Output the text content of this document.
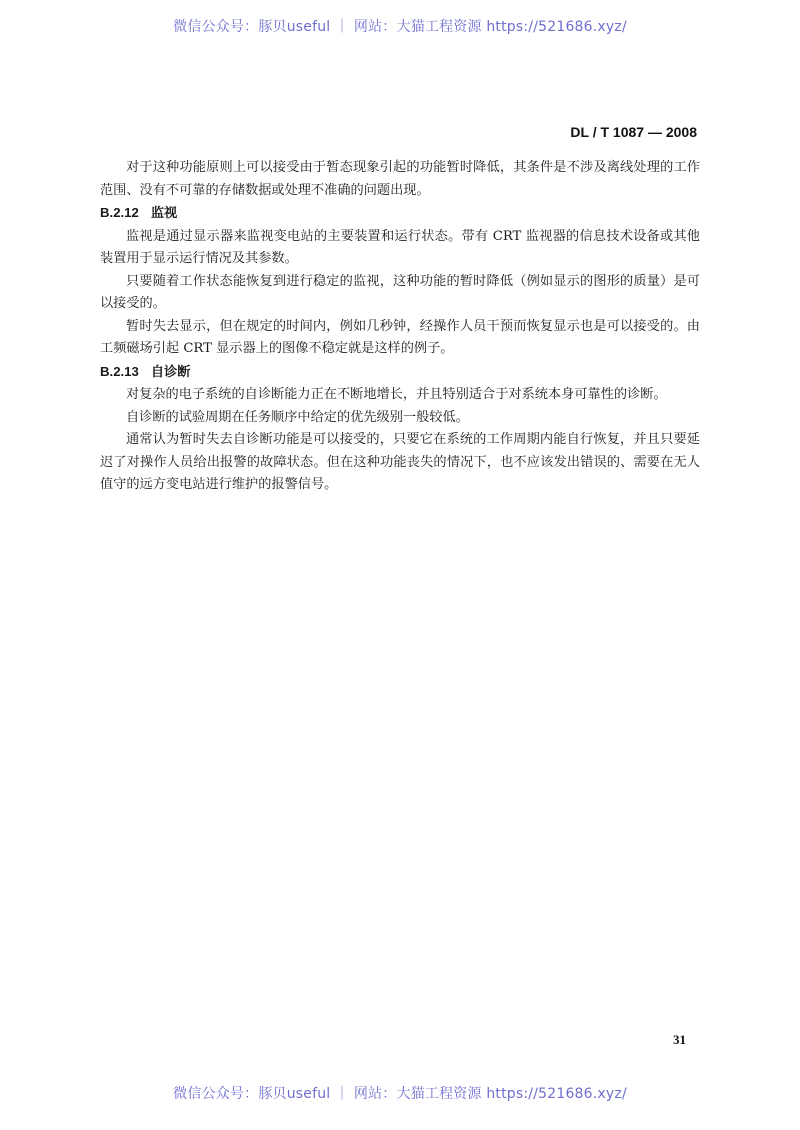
微信公众号：豚贝useful ｜ 网站：大猫工程资源 https://521686.xyz/
DL / T 1087 — 2008

对于这种功能原则上可以接受由于暂态现象引起的功能暂时降低，其条件是不涉及离线处理的工作范围、没有不可靠的存储数据或处理不准确的问题出现。

B.2.12 监视

监视是通过显示器来监视变电站的主要装置和运行状态。带有 CRT 监视器的信息技术设备或其他装置用于显示运行情况及其参数。

只要随着工作状态能恢复到进行稳定的监视，这种功能的暂时降低（例如显示的图形的质量）是可以接受的。

暂时失去显示，但在规定的时间内，例如几秒钟，经操作人员干预而恢复显示也是可以接受的。由工频磁场引起 CRT 显示器上的图像不稳定就是这样的例子。

B.2.13 自诊断

对复杂的电子系统的自诊断能力正在不断地增长，并且特别适合于对系统本身可靠性的诊断。

自诊断的试验周期在任务顺序中给定的优先级别一般较低。

通常认为暂时失去自诊断功能是可以接受的，只要它在系统的工作周期内能自行恢复，并且只要延迟了对操作人员给出报警的故障状态。但在这种功能丧失的情况下，也不应该发出错误的、需要在无人值守的远方变电站进行维护的报警信号。

31
微信公众号：豚贝useful ｜ 网站：大猫工程资源 https://521686.xyz/
